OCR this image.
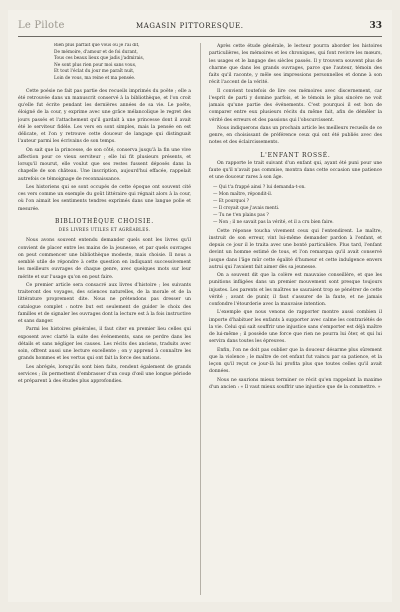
Le Pilote	MAGASIN PITTORESQUE.	33
Rien plus parfait que vous ou je l'ai dit,
De mémoire, d'amour et de foi durant,
Tous ces beaux lieux que jadis j'admirais,
Ne sont plus rien pour moi sans vous,
Et tout l'éclat du jour me paraît nuit,
Loin de vous, ma reine et ma pensée.

Cette poésie ne fait pas partie des recueils imprimés du poëte ; elle a été retrouvée dans un manuscrit conservé à la bibliothèque, et l'on croit qu'elle fut écrite pendant les dernières années de sa vie. Le poëte, éloigné de la cour, y exprime avec une grâce mélancolique le regret des jours passés et l'attachement qu'il gardait à une princesse dont il avait été le serviteur fidèle. Les vers en sont simples, mais la pensée en est délicate, et l'on y retrouve cette douceur de langage qui distinguait l'auteur parmi les écrivains de son temps.

On sait que la princesse, de son côté, conserva jusqu'à la fin une vive affection pour ce vieux serviteur ; elle lui fit plusieurs présents, et lorsqu'il mourut, elle voulut que ses restes fussent déposés dans la chapelle de son château. Une inscription, aujourd'hui effacée, rappelait autrefois ce témoignage de reconnaissance.

Les historiens qui se sont occupés de cette époque ont souvent cité ces vers comme un exemple du goût littéraire qui régnait alors à la cour, où l'on aimait les sentiments tendres exprimés dans une langue polie et mesurée.

BIBLIOTHÈQUE CHOISIE.
DES LIVRES UTILES ET AGRÉABLES.

Nous avons souvent entendu demander quels sont les livres qu'il convient de placer entre les mains de la jeunesse, et par quels ouvrages on peut commencer une bibliothèque modeste, mais choisie. Il nous a semblé utile de répondre à cette question en indiquant successivement les meilleurs ouvrages de chaque genre, avec quelques mots sur leur mérite et sur l'usage qu'on en peut faire.

Ce premier article sera consacré aux livres d'histoire ; les suivants traiteront des voyages, des sciences naturelles, de la morale et de la littérature proprement dite. Nous ne prétendons pas dresser un catalogue complet : notre but est seulement de guider le choix des familles et de signaler les ouvrages dont la lecture est à la fois instructive et sans danger.

Parmi les histoires générales, il faut citer en premier lieu celles qui exposent avec clarté la suite des événements, sans se perdre dans les détails et sans négliger les causes. Les récits des anciens, traduits avec soin, offrent aussi une lecture excellente ; on y apprend à connaître les grands hommes et les vertus qui ont fait la force des nations.

Les abrégés, lorsqu'ils sont bien faits, rendent également de grands services ; ils permettent d'embrasser d'un coup d'œil une longue période et préparent à des études plus approfondies.

Après cette étude générale, le lecteur pourra aborder les histoires particulières, les mémoires et les chroniques, qui font revivre les mœurs, les usages et le langage des siècles passés. Il y trouvera souvent plus de charme que dans les grands ouvrages, parce que l'auteur, témoin des faits qu'il raconte, y mêle ses impressions personnelles et donne à son récit l'accent de la vérité.

Il convient toutefois de lire ces mémoires avec discernement, car l'esprit de parti y domine parfois, et le témoin le plus sincère ne voit jamais qu'une partie des événements. C'est pourquoi il est bon de comparer entre eux plusieurs récits du même fait, afin de démêler la vérité des erreurs et des passions qui l'obscurcissent.

Nous indiquerons dans un prochain article les meilleurs recueils de ce genre, en choisissant de préférence ceux qui ont été publiés avec des notes et des éclaircissements.

L'ENFANT ROSSÉ.

On rapporte le trait suivant d'un enfant qui, ayant été puni pour une faute qu'il n'avait pas commise, montra dans cette occasion une patience et une douceur rares à son âge.

— Qui t'a frappé ainsi ? lui demanda-t-on.
— Mon maître, répondit-il.
— Et pourquoi ?
— Il croyait que j'avais menti.
— Tu ne t'en plains pas ?
— Non ; il ne savait pas la vérité, et il a cru bien faire.

Cette réponse toucha vivement ceux qui l'entendirent. Le maître, instruit de son erreur, vint lui-même demander pardon à l'enfant, et depuis ce jour il le traita avec une bonté particulière. Plus tard, l'enfant devint un homme estimé de tous, et l'on remarqua qu'il avait conservé jusque dans l'âge mûr cette égalité d'humeur et cette indulgence envers autrui qui l'avaient fait aimer dès sa jeunesse.

On a souvent dit que la colère est mauvaise conseillère, et que les punitions infligées dans un premier mouvement sont presque toujours injustes. Les parents et les maîtres ne sauraient trop se pénétrer de cette vérité ; avant de punir, il faut s'assurer de la faute, et ne jamais confondre l'étourderie avec la mauvaise intention.

L'exemple que nous venons de rapporter montre aussi combien il importe d'habituer les enfants à supporter avec calme les contrariétés de la vie. Celui qui sait souffrir une injustice sans s'emporter est déjà maître de lui-même ; il possède une force que rien ne pourra lui ôter, et qui lui servira dans toutes les épreuves.

Enfin, l'on ne doit pas oublier que la douceur désarme plus sûrement que la violence ; le maître de cet enfant fut vaincu par sa patience, et la leçon qu'il reçut ce jour-là lui profita plus que toutes celles qu'il avait données.

Nous ne saurions mieux terminer ce récit qu'en rappelant la maxime d'un ancien : « Il vaut mieux souffrir une injustice que de la commettre. »
